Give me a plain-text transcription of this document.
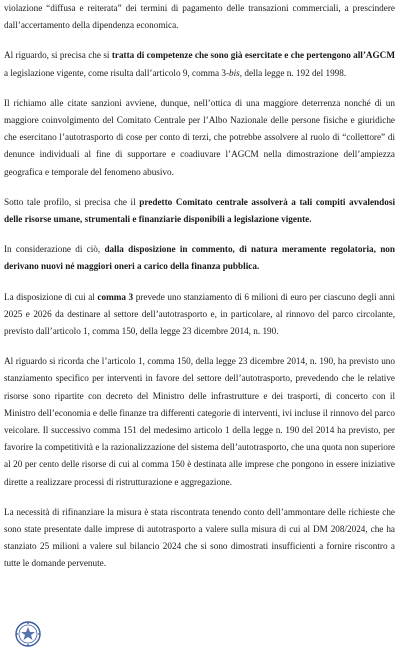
violazione “diffusa e reiterata” dei termini di pagamento delle transazioni commerciali, a prescindere dall’accertamento della dipendenza economica.

Al riguardo, si precisa che si tratta di competenze che sono già esercitate e che pertengono all’AGCM a legislazione vigente, come risulta dall’articolo 9, comma 3-bis, della legge n. 192 del 1998.

Il richiamo alle citate sanzioni avviene, dunque, nell’ottica di una maggiore deterrenza nonché di un maggiore coinvolgimento del Comitato Centrale per l’Albo Nazionale delle persone fisiche e giuridiche che esercitano l’autotrasporto di cose per conto di terzi, che potrebbe assolvere al ruolo di “collettore” di denunce individuali al fine di supportare e coadiuvare l’AGCM nella dimostrazione dell’ampiezza geografica e temporale del fenomeno abusivo.

Sotto tale profilo, si precisa che il predetto Comitato centrale assolverà a tali compiti avvalendosi delle risorse umane, strumentali e finanziarie disponibili a legislazione vigente.

In considerazione di ciò, dalla disposizione in commento, di natura meramente regolatoria, non derivano nuovi né maggiori oneri a carico della finanza pubblica.

La disposizione di cui al comma 3 prevede uno stanziamento di 6 milioni di euro per ciascuno degli anni 2025 e 2026 da destinare al settore dell’autotrasporto e, in particolare, al rinnovo del parco circolante, previsto dall’articolo 1, comma 150, della legge 23 dicembre 2014, n. 190.

Al riguardo si ricorda che l’articolo 1, comma 150, della legge 23 dicembre 2014, n. 190, ha previsto uno stanziamento specifico per interventi in favore del settore dell’autotrasporto, prevedendo che le relative risorse sono ripartite con decreto del Ministro delle infrastrutture e dei trasporti, di concerto con il Ministro dell’economia e delle finanze tra differenti categorie di interventi, ivi incluse il rinnovo del parco veicolare. Il successivo comma 151 del medesimo articolo 1 della legge n. 190 del 2014 ha previsto, per favorire la competitività e la razionalizzazione del sistema dell’autotrasporto, che una quota non superiore al 20 per cento delle risorse di cui al comma 150 è destinata alle imprese che pongono in essere iniziative dirette a realizzare processi di ristrutturazione e aggregazione.

La necessità di rifinanziare la misura è stata riscontrata tenendo conto dell’ammontare delle richieste che sono state presentate dalle imprese di autotrasporto a valere sulla misura di cui al DM 208/2024, che ha stanziato 25 milioni a valere sul bilancio 2024 che si sono dimostrati insufficienti a fornire riscontro a tutte le domande pervenute.
